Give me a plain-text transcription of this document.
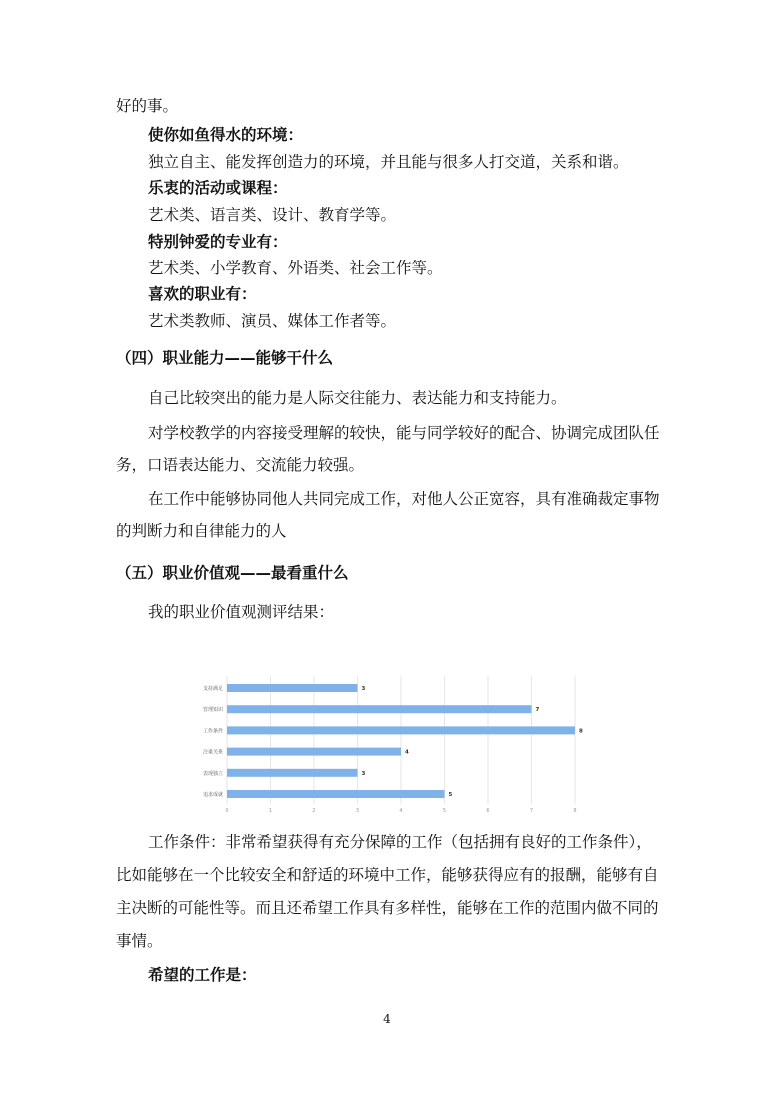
好的事。
使你如鱼得水的环境：
独立自主、能发挥创造力的环境，并且能与很多人打交道，关系和谐。
乐衷的活动或课程：
艺术类、语言类、设计、教育学等。
特别钟爱的专业有：
艺术类、小学教育、外语类、社会工作等。
喜欢的职业有：
艺术类教师、演员、媒体工作者等。
（四）职业能力——能够干什么
自己比较突出的能力是人际交往能力、表达能力和支持能力。
对学校教学的内容接受理解的较快，能与同学较好的配合、协调完成团队任
务，口语表达能力、交流能力较强。
在工作中能够协同他人共同完成工作，对他人公正宽容，具有准确裁定事物
的判断力和自律能力的人
（五）职业价值观——最看重什么
我的职业价值观测评结果：
0	1	2	3	4	5	6	7	8
支持满足	3
管理知识	7
工作条件	8
注重关系	4
表现独立	3
追求成就	5
工作条件：非常希望获得有充分保障的工作（包括拥有良好的工作条件），
比如能够在一个比较安全和舒适的环境中工作，能够获得应有的报酬，能够有自
主决断的可能性等。而且还希望工作具有多样性，能够在工作的范围内做不同的
事情。
希望的工作是：
4
